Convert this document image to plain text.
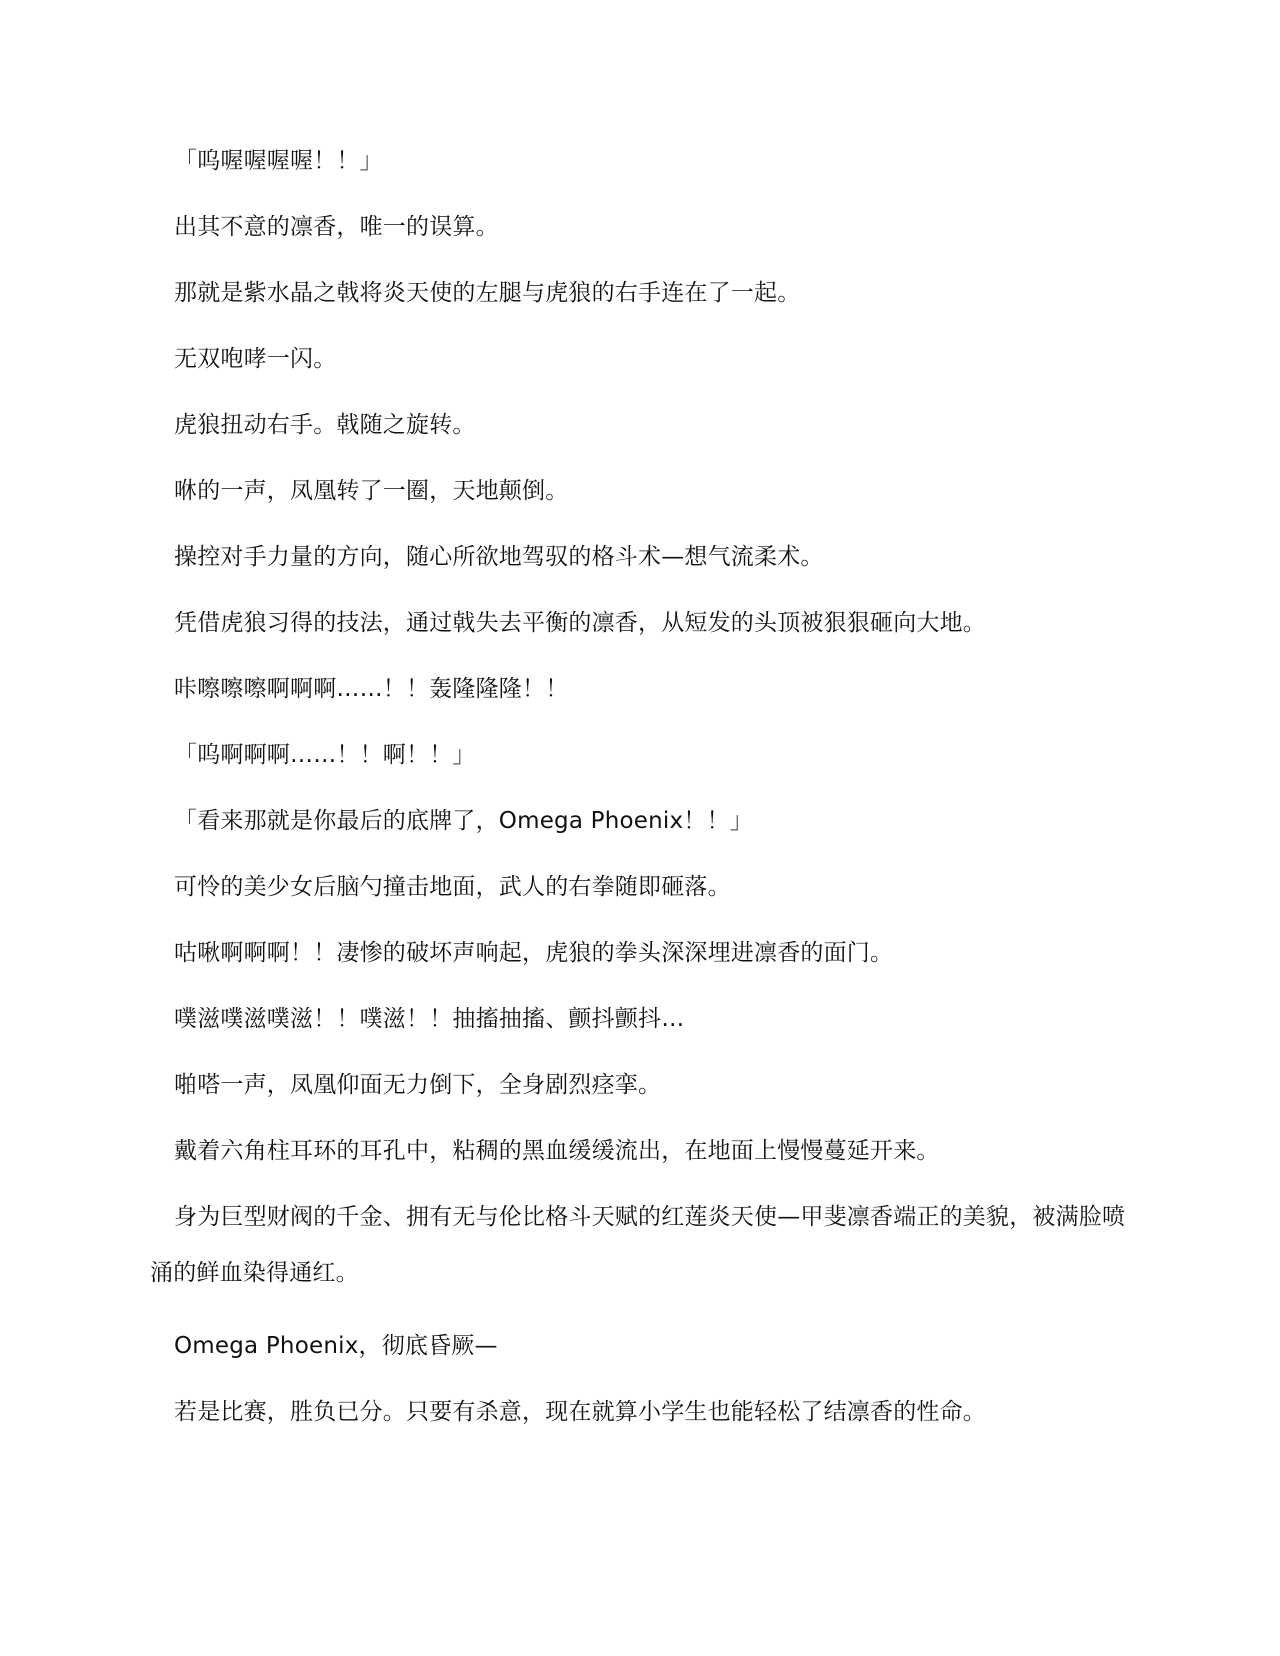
「呜喔喔喔喔！！」

出其不意的凛香，唯一的误算。

那就是紫水晶之戟将炎天使的左腿与虎狼的右手连在了一起。

无双咆哮一闪。

虎狼扭动右手。戟随之旋转。

咻的一声，凤凰转了一圈，天地颠倒。

操控对手力量的方向，随心所欲地驾驭的格斗术—想气流柔术。

凭借虎狼习得的技法，通过戟失去平衡的凛香，从短发的头顶被狠狠砸向大地。

咔嚓嚓嚓啊啊啊……！！轰隆隆隆！！

「呜啊啊啊……！！啊！！」

「看来那就是你最后的底牌了，Omega Phoenix！！」

可怜的美少女后脑勺撞击地面，武人的右拳随即砸落。

咕啾啊啊啊！！凄惨的破坏声响起，虎狼的拳头深深埋进凛香的面门。

噗滋噗滋噗滋！！噗滋！！抽搐抽搐、颤抖颤抖…

啪嗒一声，凤凰仰面无力倒下，全身剧烈痉挛。

戴着六角柱耳环的耳孔中，粘稠的黑血缓缓流出，在地面上慢慢蔓延开来。

身为巨型财阀的千金、拥有无与伦比格斗天赋的红莲炎天使—甲斐凛香端正的美貌，被满脸喷涌的鲜血染得通红。

Omega Phoenix，彻底昏厥—

若是比赛，胜负已分。只要有杀意，现在就算小学生也能轻松了结凛香的性命。
